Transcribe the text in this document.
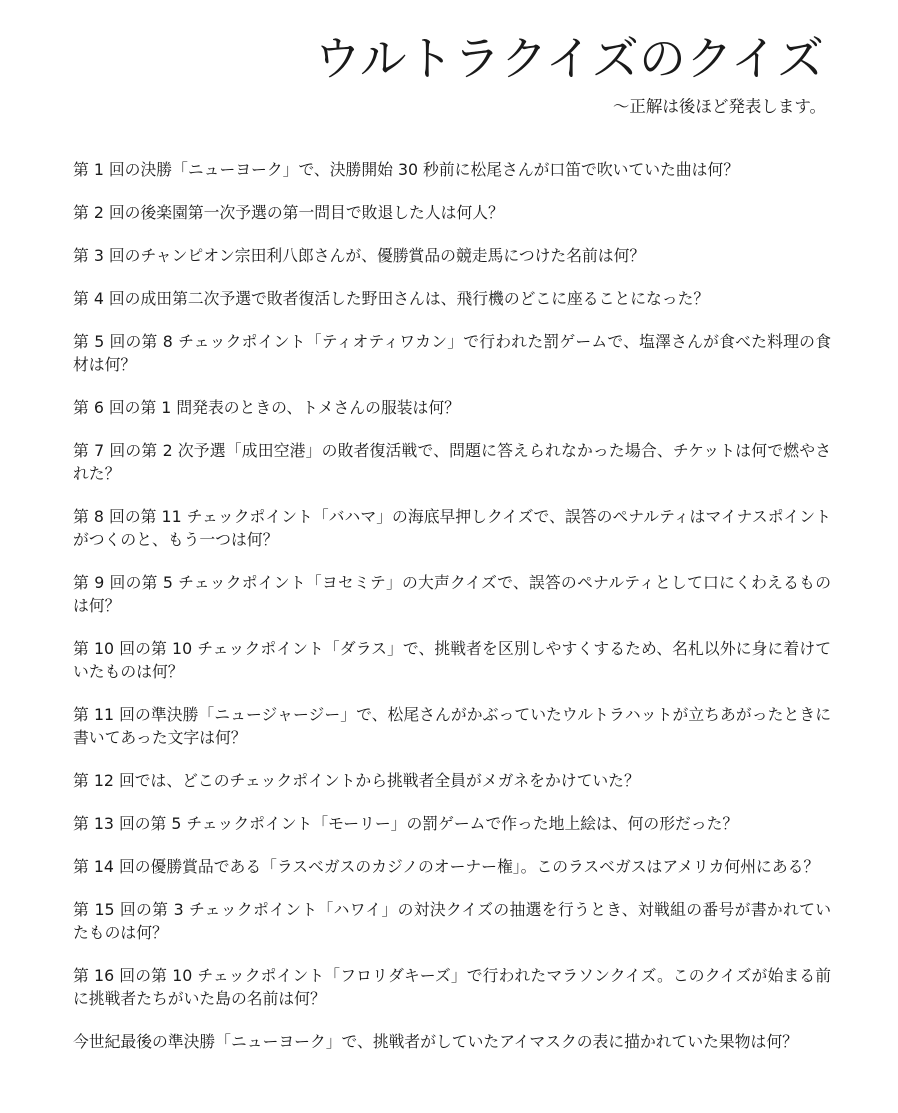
ウルトラクイズのクイズ

～正解は後ほど発表します。

第 1 回の決勝「ニューヨーク」で、決勝開始 30 秒前に松尾さんが口笛で吹いていた曲は何？
第 2 回の後楽園第一次予選の第一問目で敗退した人は何人？
第 3 回のチャンピオン宗田利八郎さんが、優勝賞品の競走馬につけた名前は何？
第 4 回の成田第二次予選で敗者復活した野田さんは、飛行機のどこに座ることになった？
第 5 回の第 8 チェックポイント「ティオティワカン」で行われた罰ゲームで、塩澤さんが食べた料理の食材は何？
第 6 回の第 1 問発表のときの、トメさんの服装は何？
第 7 回の第 2 次予選「成田空港」の敗者復活戦で、問題に答えられなかった場合、チケットは何で燃やされた？
第 8 回の第 11 チェックポイント「バハマ」の海底早押しクイズで、誤答のペナルティはマイナスポイントがつくのと、もう一つは何？
第 9 回の第 5 チェックポイント「ヨセミテ」の大声クイズで、誤答のペナルティとして口にくわえるものは何？
第 10 回の第 10 チェックポイント「ダラス」で、挑戦者を区別しやすくするため、名札以外に身に着けていたものは何？
第 11 回の準決勝「ニュージャージー」で、松尾さんがかぶっていたウルトラハットが立ちあがったときに書いてあった文字は何？
第 12 回では、どこのチェックポイントから挑戦者全員がメガネをかけていた？
第 13 回の第 5 チェックポイント「モーリー」の罰ゲームで作った地上絵は、何の形だった？
第 14 回の優勝賞品である「ラスベガスのカジノのオーナー権」。このラスベガスはアメリカ何州にある？
第 15 回の第 3 チェックポイント「ハワイ」の対決クイズの抽選を行うとき、対戦組の番号が書かれていたものは何？
第 16 回の第 10 チェックポイント「フロリダキーズ」で行われたマラソンクイズ。このクイズが始まる前に挑戦者たちがいた島の名前は何？
今世紀最後の準決勝「ニューヨーク」で、挑戦者がしていたアイマスクの表に描かれていた果物は何？
